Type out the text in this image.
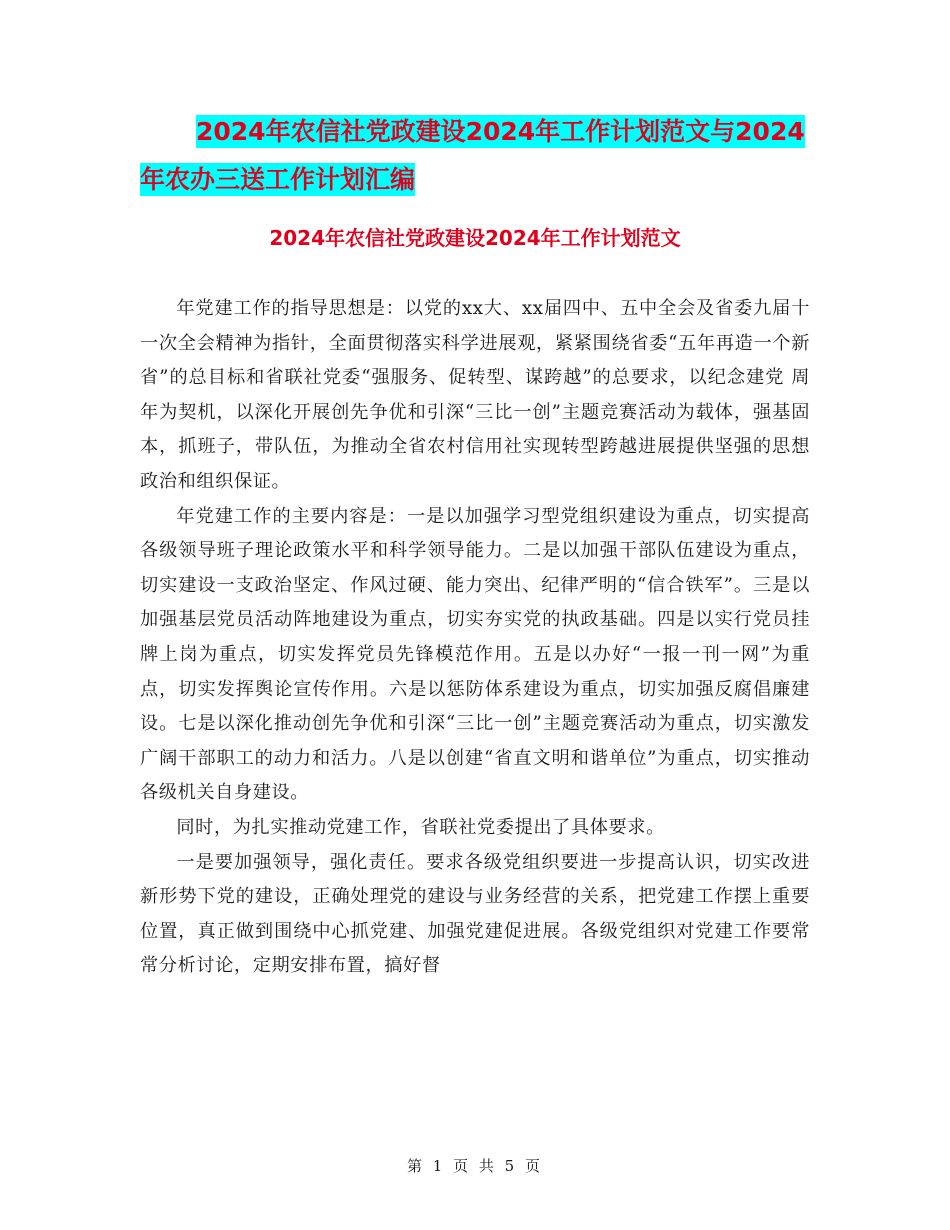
2024年农信社党政建设2024年工作计划范文与2024
年农办三送工作计划汇编
2024年农信社党政建设2024年工作计划范文

年党建工作的指导思想是：以党的xx大、xx届四中、五中全会及省委九届十一次全会精神为指针，全面贯彻落实科学进展观，紧紧围绕省委“五年再造一个新省”的总目标和省联社党委“强服务、促转型、谋跨越”的总要求，以纪念建党 周年为契机，以深化开展创先争优和引深“三比一创”主题竞赛活动为载体，强基固本，抓班子，带队伍，为推动全省农村信用社实现转型跨越进展提供坚强的思想政治和组织保证。

年党建工作的主要内容是：一是以加强学习型党组织建设为重点，切实提高各级领导班子理论政策水平和科学领导能力。二是以加强干部队伍建设为重点，切实建设一支政治坚定、作风过硬、能力突出、纪律严明的“信合铁军”。三是以加强基层党员活动阵地建设为重点，切实夯实党的执政基础。四是以实行党员挂牌上岗为重点，切实发挥党员先锋模范作用。五是以办好“一报一刊一网”为重点，切实发挥舆论宣传作用。六是以惩防体系建设为重点，切实加强反腐倡廉建设。七是以深化推动创先争优和引深“三比一创”主题竞赛活动为重点，切实激发广阔干部职工的动力和活力。八是以创建“省直文明和谐单位”为重点，切实推动各级机关自身建设。

同时，为扎实推动党建工作，省联社党委提出了具体要求。

一是要加强领导，强化责任。要求各级党组织要进一步提高认识，切实改进新形势下党的建设，正确处理党的建设与业务经营的关系，把党建工作摆上重要位置，真正做到围绕中心抓党建、加强党建促进展。各级党组织对党建工作要常常分析讨论，定期安排布置，搞好督

第 1 页 共 5 页
